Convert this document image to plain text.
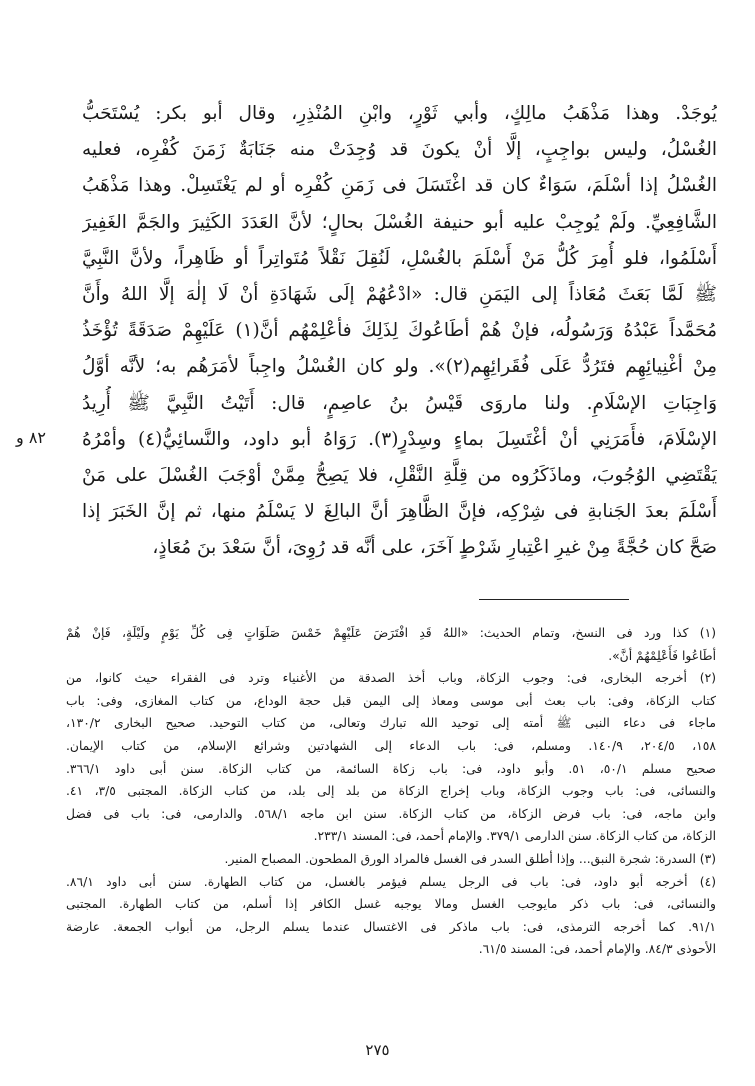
يُوجَدْ. وهذا مَذْهَبُ مالِكٍ، وأبي ثَوْرٍ، وابْنِ المُنْذِرِ، وقال أبو بكر: يُسْتَحَبُّ
الغُسْلُ، وليس بواجِبٍ، إلَّا أنْ يكونَ قد وُجِدَتْ منه جَنَابَةٌ زَمَنَ كُفْرِه، فعليه
الغُسْلُ إذا أسْلَمَ، سَوَاءٌ كان قد اغْتَسَلَ فى زَمَنِ كُفْرِه أو لم يَغْتَسِلْ. وهذا مَذْهَبُ
الشَّافِعِيِّ. ولَمْ يُوجِبْ عليه أبو حنيفة الغُسْلَ بحالٍ؛ لأنَّ العَدَدَ الكَثِيرَ والجَمَّ الغَفِيرَ
أَسْلَمُوا، فلو أُمِرَ كُلُّ مَنْ أَسْلَمَ بالغُسْلِ، لَنُقِلَ نَقْلاً مُتَواتِراً أو ظَاهِراً، ولأنَّ النَّبِيَّ
ﷺ لَمَّا بَعَثَ مُعَاذاً إلى اليَمَنِ قال: «ادْعُهُمْ إلَى شَهَادَةِ أنْ لَا إلٰهَ إلَّا اللهُ وأَنَّ
مُحَمَّداً عَبْدُهُ وَرَسُولُه، فإنْ هُمْ أطَاعُوكَ لِذَلِكَ فأعْلِمْهُم أنَّ(١) عَلَيْهِمْ صَدَقَةً تُؤْخَذُ
مِنْ أغْنِيائِهِم فتَرُدُّ عَلَى فُقَرائِهِم(٢)». ولو كان الغُسْلُ واجِباً لأمَرَهُم به؛ لأنَّه أوَّلُ
وَاجِبَاتِ الإسْلَامِ. ولنا ماروَى قَيْسُ بنُ عاصِمٍ، قال: أَتَيْتُ النَّبِيَّ ﷺ أُرِيدُ
الإسْلَامَ، فأَمَرَنِي أنْ أغْتَسِلَ بماءٍ وسِدْرٍ(٣). رَوَاهُ أبو داود، والنَّسائِيُّ(٤) وأمْرُهُ
يَقْتَضِي الوُجُوبَ، وماذَكَرُوه من قِلَّةِ النَّقْلِ، فلا يَصِحُّ مِمَّنْ أوْجَبَ الغُسْلَ على مَنْ
أَسْلَمَ بعدَ الجَنابةِ فى شِرْكِه، فإنَّ الظَّاهِرَ أنَّ البالِغَ لا يَسْلَمُ منها، ثم إنَّ الخَبَرَ إذا
صَحَّ كان حُجَّةً مِنْ غيرِ اعْتِبارِ شَرْطٍ آخَرَ، على أنَّه قد رُوِىَ، أنَّ سَعْدَ بنَ مُعَاذٍ،
٨٢ و
(١) كذا ورد فى النسخ، وتمام الحديث: «اللهُ قَدِ افْتَرَضَ عَلَيْهِمْ خَمْسَ صَلَوَاتٍ فِى كُلِّ يَوْمٍ ولَيْلَةٍ، فَإنْ هُمْ
أطَاعُوا فَأَعْلِمْهُمْ أنَّ».
(٢) أخرجه البخارى، فى: وجوب الزكاة، وباب أخذ الصدقة من الأغنياء وترد فى الفقراء حيث كانوا، من
كتاب الزكاة، وفى: باب بعث أبى موسى ومعاذ إلى اليمن قبل حجة الوداع، من كتاب المغازى، وفى: باب
ماجاء فى دعاء النبى ﷺ أمته إلى توحيد الله تبارك وتعالى، من كتاب التوحيد. صحيح البخارى ١٣٠/٢،
١٥٨، ٢٠٤/٥، ١٤٠/٩. ومسلم، فى: باب الدعاء إلى الشهادتين وشرائع الإسلام، من كتاب الإيمان.
صحيح مسلم ٥٠/١، ٥١. وأبو داود، فى: باب زكاة السائمة، من كتاب الزكاة. سنن أبى داود ٣٦٦/١.
والنسائى، فى: باب وجوب الزكاة، وباب إخراج الزكاة من بلد إلى بلد، من كتاب الزكاة. المجتبى ٣/٥، ٤١.
وابن ماجه، فى: باب فرض الزكاة، من كتاب الزكاة. سنن ابن ماجه ٥٦٨/١. والدارمى، فى: باب فى فضل
الزكاة، من كتاب الزكاة. سنن الدارمى ٣٧٩/١. والإمام أحمد، فى: المسند ٢٣٣/١.
(٣) السدرة: شجرة النبق... وإذا أطلق السدر فى الغسل فالمراد الورق المطحون. المصباح المنير.
(٤) أخرجه أبو داود، فى: باب فى الرجل يسلم فيؤمر بالغسل، من كتاب الطهارة. سنن أبى داود ٨٦/١.
والنسائى، فى: باب ذكر مايوجب الغسل ومالا يوجبه غسل الكافر إذا أسلم، من كتاب الطهارة. المجتبى
٩١/١. كما أخرجه الترمذى، فى: باب ماذكر فى الاغتسال عندما يسلم الرجل، من أبواب الجمعة. عارضة
الأحوذى ٨٤/٣. والإمام أحمد، فى: المسند ٦١/٥.
٢٧٥
